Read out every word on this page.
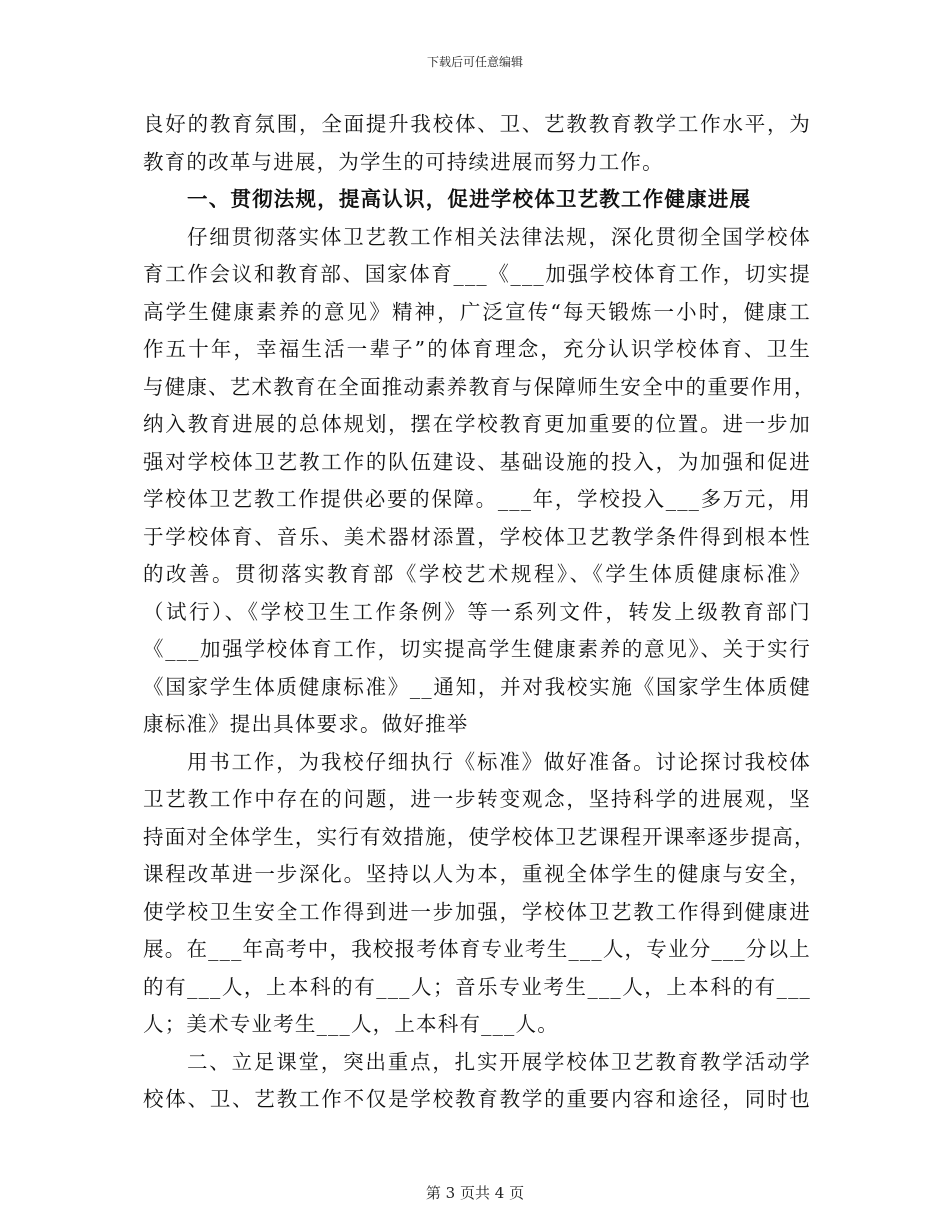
下载后可任意编辑
良好的教育氛围，全面提升我校体、卫、艺教教育教学工作水平，为
教育的改革与进展，为学生的可持续进展而努力工作。
一、贯彻法规，提高认识，促进学校体卫艺教工作健康进展
仔细贯彻落实体卫艺教工作相关法律法规，深化贯彻全国学校体
育工作会议和教育部、国家体育___《___加强学校体育工作，切实提
高学生健康素养的意见》精神，广泛宣传“每天锻炼一小时，健康工
作五十年，幸福生活一辈子”的体育理念，充分认识学校体育、卫生
与健康、艺术教育在全面推动素养教育与保障师生安全中的重要作用，
纳入教育进展的总体规划，摆在学校教育更加重要的位置。进一步加
强对学校体卫艺教工作的队伍建设、基础设施的投入，为加强和促进
学校体卫艺教工作提供必要的保障。___年，学校投入___多万元，用
于学校体育、音乐、美术器材添置，学校体卫艺教学条件得到根本性
的改善。贯彻落实教育部《学校艺术规程》、《学生体质健康标准》
（试行）、《学校卫生工作条例》等一系列文件，转发上级教育部门
《___加强学校体育工作，切实提高学生健康素养的意见》、关于实行
《国家学生体质健康标准》__通知，并对我校实施《国家学生体质健
康标准》提出具体要求。做好推举
用书工作，为我校仔细执行《标准》做好准备。讨论探讨我校体
卫艺教工作中存在的问题，进一步转变观念，坚持科学的进展观，坚
持面对全体学生，实行有效措施，使学校体卫艺课程开课率逐步提高，
课程改革进一步深化。坚持以人为本，重视全体学生的健康与安全，
使学校卫生安全工作得到进一步加强，学校体卫艺教工作得到健康进
展。在___年高考中，我校报考体育专业考生___人，专业分___分以上
的有___人，上本科的有___人；音乐专业考生___人，上本科的有___
人；美术专业考生___人，上本科有___人。
二、立足课堂，突出重点，扎实开展学校体卫艺教育教学活动学
校体、卫、艺教工作不仅是学校教育教学的重要内容和途径，同时也
第 3 页共 4 页
